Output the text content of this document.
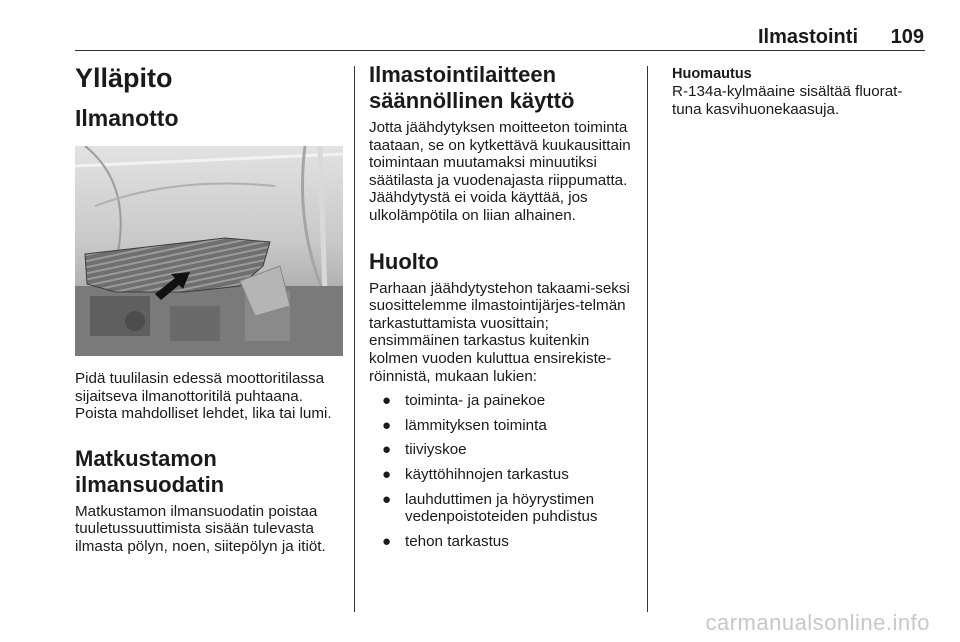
Ilmastointi 109
Ylläpito
Ilmanotto

Pidä tuulilasin edessä moottoritilassa sijaitseva ilmanottoritilä puhtaana. Poista mahdolliset lehdet, lika tai lumi.

Matkustamon
ilmansuodatin

Matkustamon ilmansuodatin poistaa tuuletussuuttimista sisään tulevasta ilmasta pölyn, noen, siitepölyn ja itiöt.

Ilmastointilaitteen
säännöllinen käyttö

Jotta jäähdytyksen moitteeton toiminta taataan, se on kytkettävä kuukausittain toimintaan muutamaksi minuutiksi säätilasta ja vuodenajasta riippumatta. Jäähdytystä ei voida käyttää, jos ulkolämpötila on liian alhainen.

Huolto

Parhaan jäähdytystehon takaami-seksi suosittelemme ilmastointijärjes-telmän tarkastuttamista vuosittain; ensimmäinen tarkastus kuitenkin kolmen vuoden kuluttua ensirekiste-röinnistä, mukaan lukien:

● toiminta- ja painekoe
● lämmityksen toiminta
● tiiviyskoe
● käyttöhihnojen tarkastus
● lauhduttimen ja höyrystimen vedenpoistoteiden puhdistus
● tehon tarkastus
Huomautus

R-134a-kylmäaine sisältää fluorat-tuna kasvihuonekaasuja.

carmanualsonline.info
